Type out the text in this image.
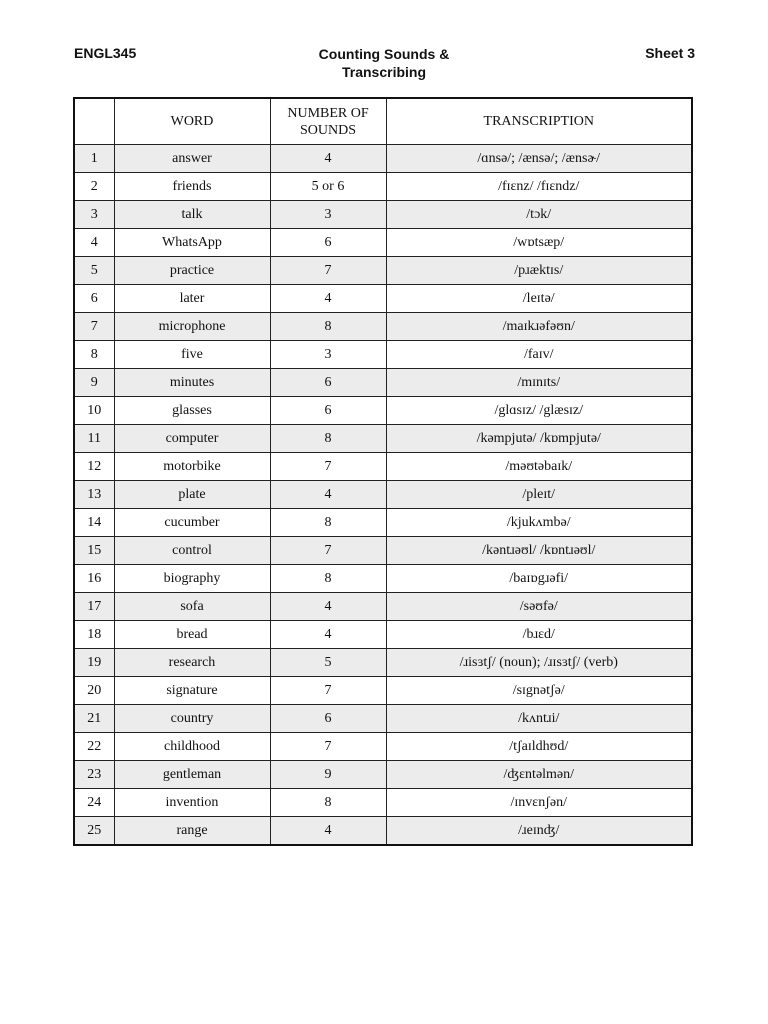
ENGL345	Counting Sounds &
Transcribing
Sheet 3
	WORD	NUMBER OF SOUNDS	TRANSCRIPTION
1	answer	4	/ɑnsə/; /ænsə/; /ænsɚ/
2	friends	5 or 6	/fɪɛnz/ /fɪɛndz/
3	talk	3	/tɔk/
4	WhatsApp	6	/wɒtsæp/
5	practice	7	/pɹæktɪs/
6	later	4	/leɪtə/
7	microphone	8	/maɪkɹəfəʊn/
8	five	3	/faɪv/
9	minutes	6	/mɪnɪts/
10	glasses	6	/glɑsɪz/ /glæsɪz/
11	computer	8	/kəmpjutə/ /kɒmpjutə/
12	motorbike	7	/məʊtəbaɪk/
13	plate	4	/pleɪt/
14	cucumber	8	/kjukʌmbə/
15	control	7	/kəntɹəʊl/ /kɒntɹəʊl/
16	biography	8	/baɪɒgɹəfi/
17	sofa	4	/səʊfə/
18	bread	4	/bɹɛd/
19	research	5	/ɹisɜtʃ/ (noun); /ɹɪsɜtʃ/ (verb)
20	signature	7	/sɪgnətʃə/
21	country	6	/kʌntɹi/
22	childhood	7	/tʃaɪldhʊd/
23	gentleman	9	/ʤɛntəlmən/
24	invention	8	/ɪnvɛnʃən/
25	range	4	/ɹeɪnʤ/
